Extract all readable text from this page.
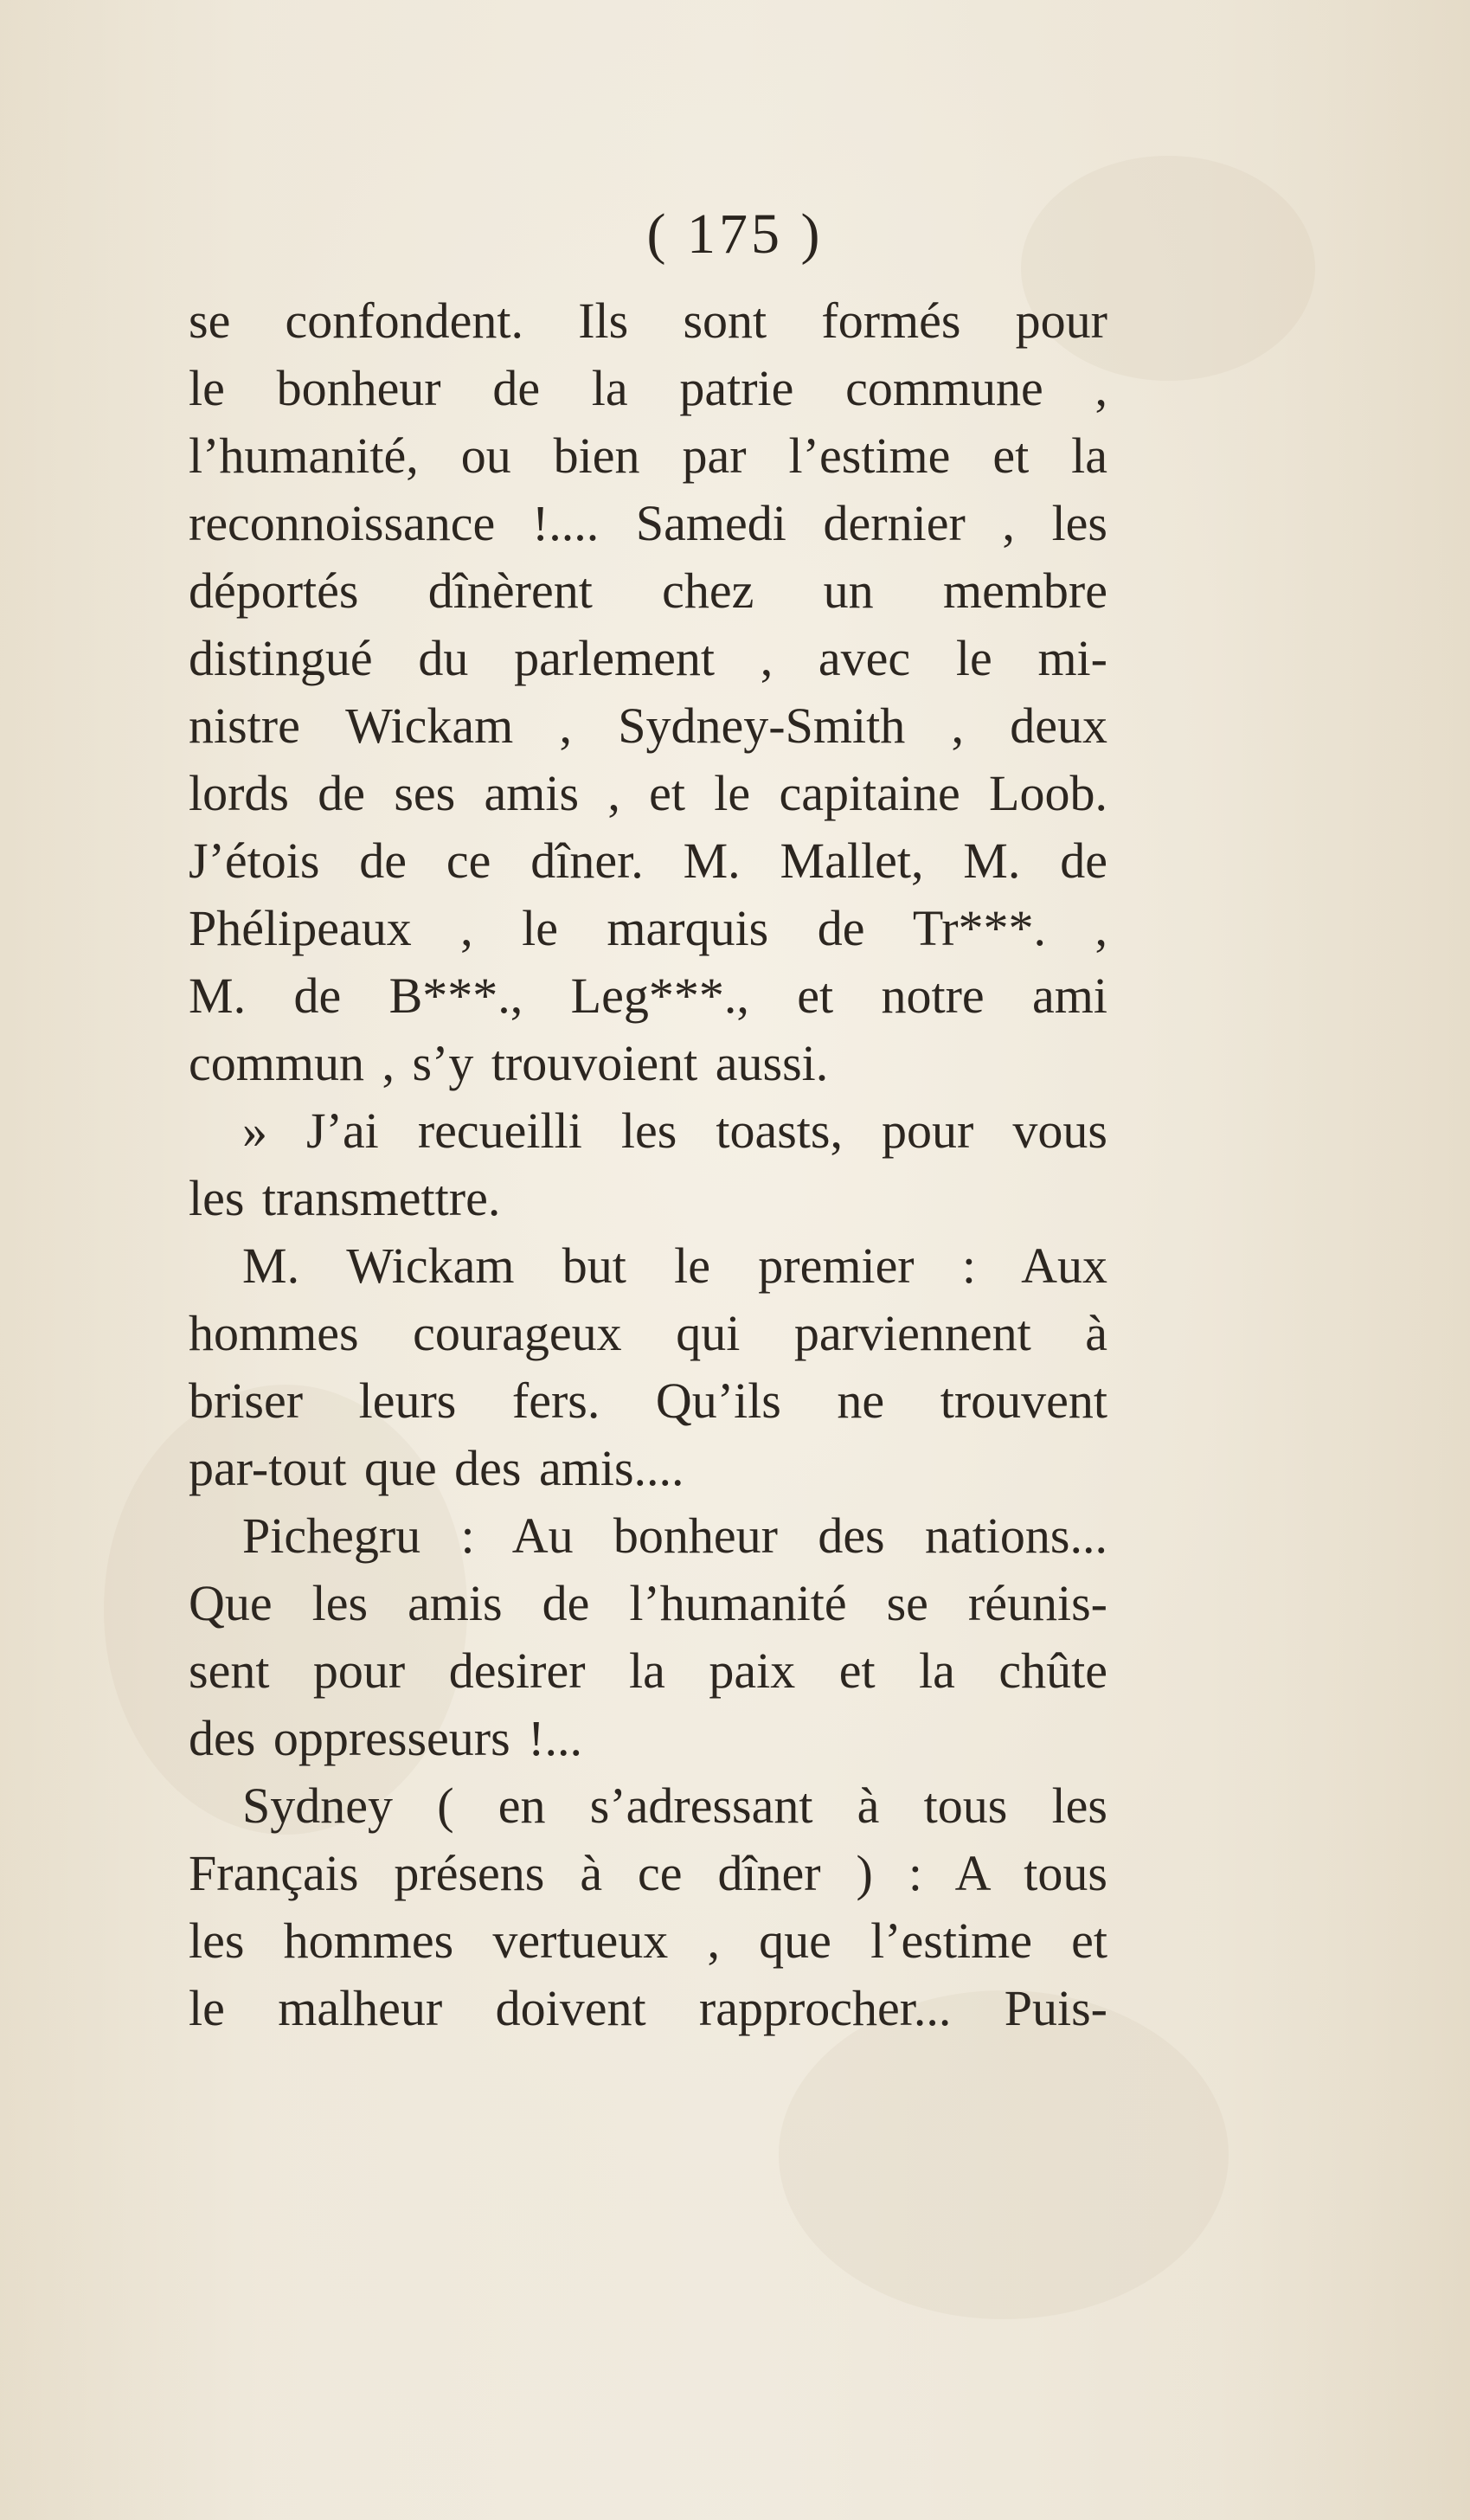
( 175 )
se confondent. Ils sont formés pour
le bonheur de la patrie commune ,
l’humanité, ou bien par l’estime et la
reconnoissance !.... Samedi dernier , les
déportés dînèrent chez un membre
distingué du parlement , avec le mi-
nistre Wickam , Sydney-Smith , deux
lords de ses amis , et le capitaine Loob.
J’étois de ce dîner. M. Mallet, M. de
Phélipeaux , le marquis de Tr***. ,
M. de B***., Leg***., et notre ami
commun , s’y trouvoient aussi.
» J’ai recueilli les toasts, pour vous
les transmettre.
M. Wickam but le premier : Aux
hommes courageux qui parviennent à
briser leurs fers. Qu’ils ne trouvent
par-tout que des amis....
Pichegru : Au bonheur des nations...
Que les amis de l’humanité se réunis-
sent pour desirer la paix et la chûte
des oppresseurs !...
Sydney ( en s’adressant à tous les
Français présens à ce dîner ) : A tous
les hommes vertueux , que l’estime et
le malheur doivent rapprocher... Puis-
